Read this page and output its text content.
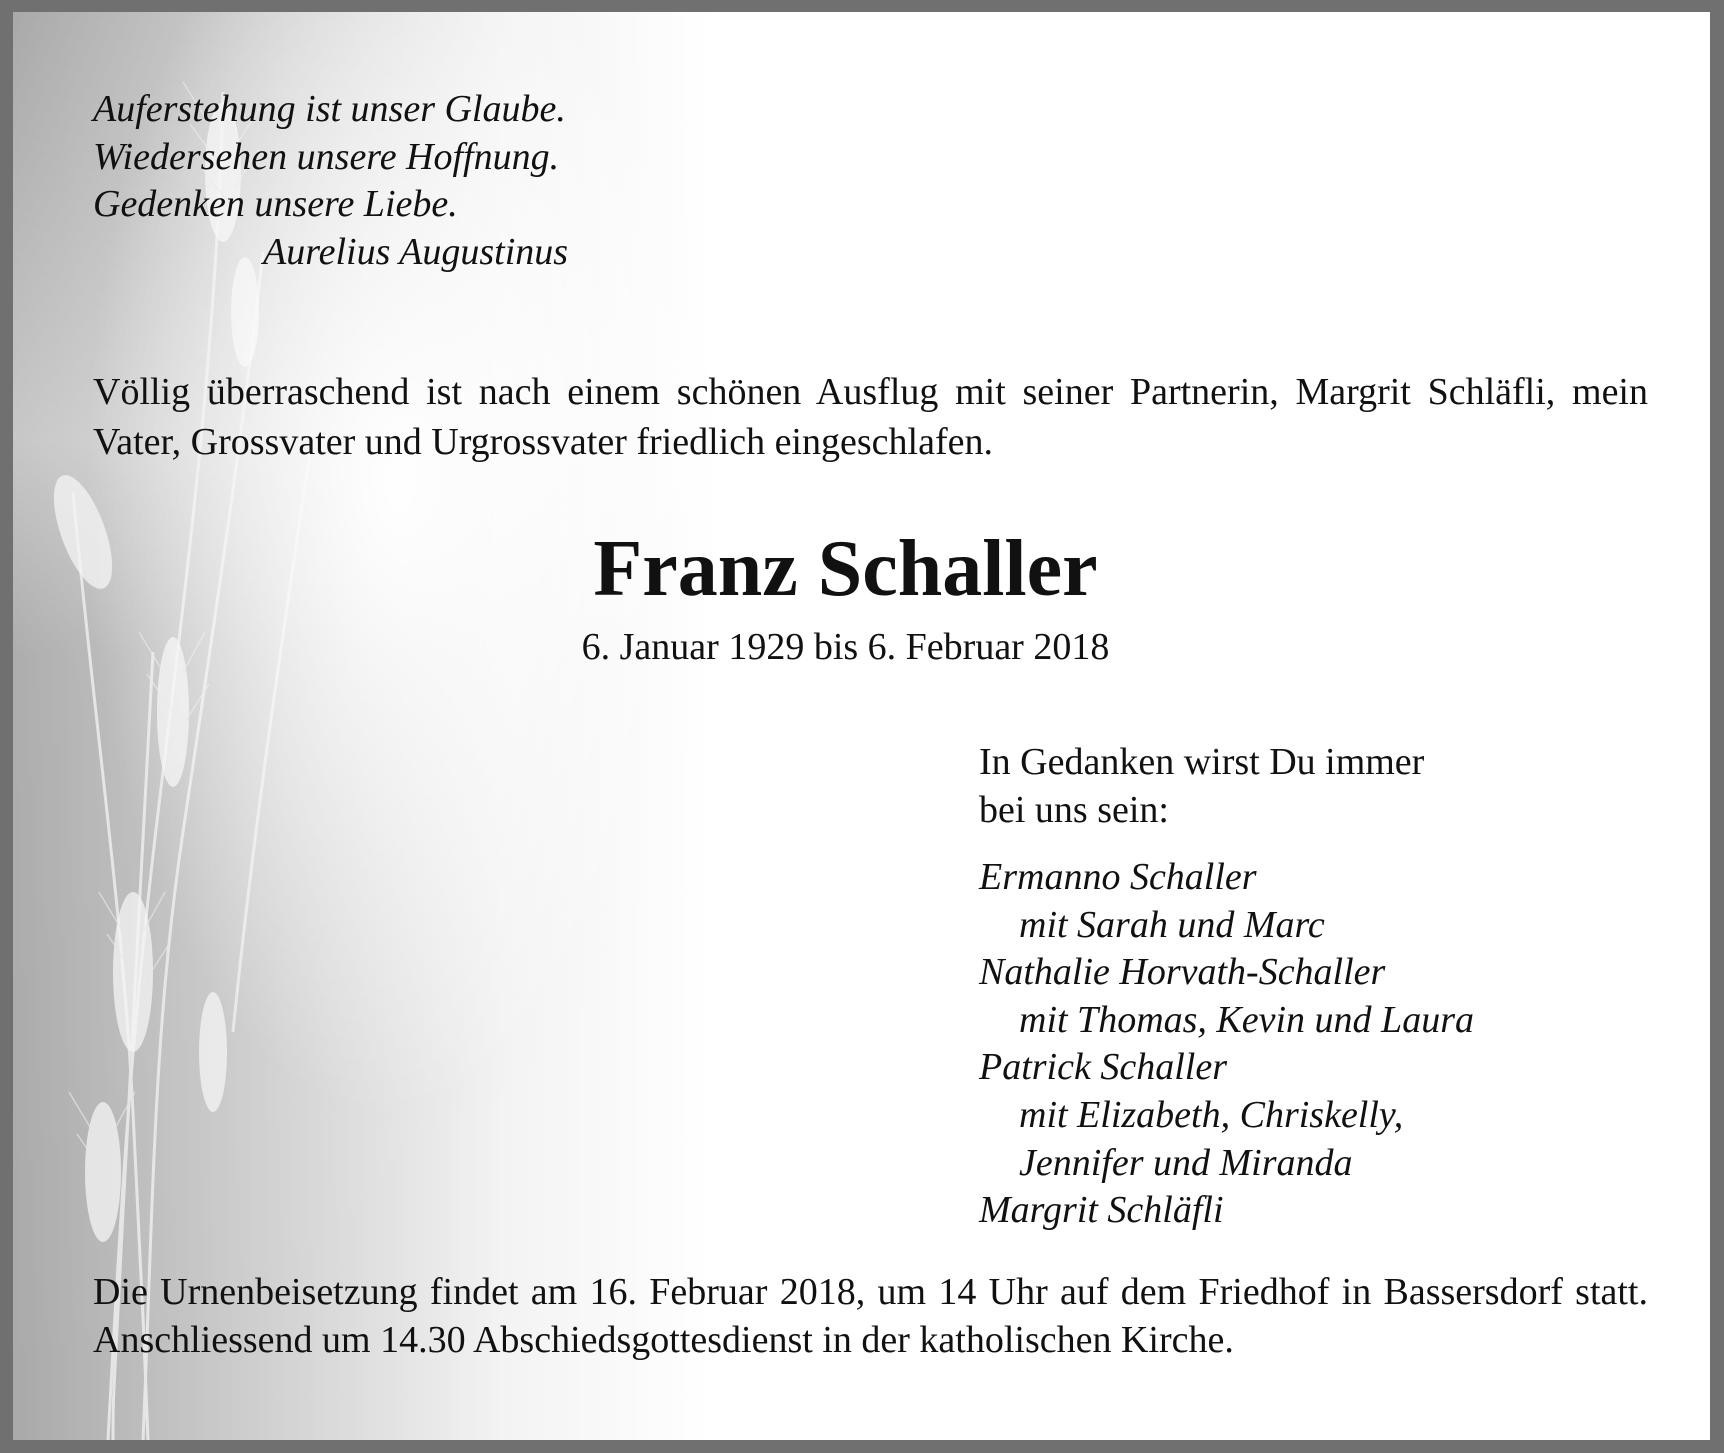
Auferstehung ist unser Glaube.
Wiedersehen unsere Hoffnung.
Gedenken unsere Liebe.
Aurelius Augustinus
Völlig überraschend ist nach einem schönen Ausflug mit seiner Partnerin, Margrit Schläfli, mein Vater, Grossvater und Urgrossvater friedlich eingeschlafen.
Franz Schaller
6. Januar 1929 bis 6. Februar 2018
In Gedanken wirst Du immer
bei uns sein:
Ermanno Schaller
mit Sarah und Marc
Nathalie Horvath-Schaller
mit Thomas, Kevin und Laura
Patrick Schaller
mit Elizabeth, Chriskelly,
Jennifer und Miranda
Margrit Schläfli
Die Urnenbeisetzung findet am 16. Februar 2018, um 14 Uhr auf dem Friedhof in Bassersdorf statt. Anschliessend um 14.30 Abschiedsgottesdienst in der katholischen Kirche.
